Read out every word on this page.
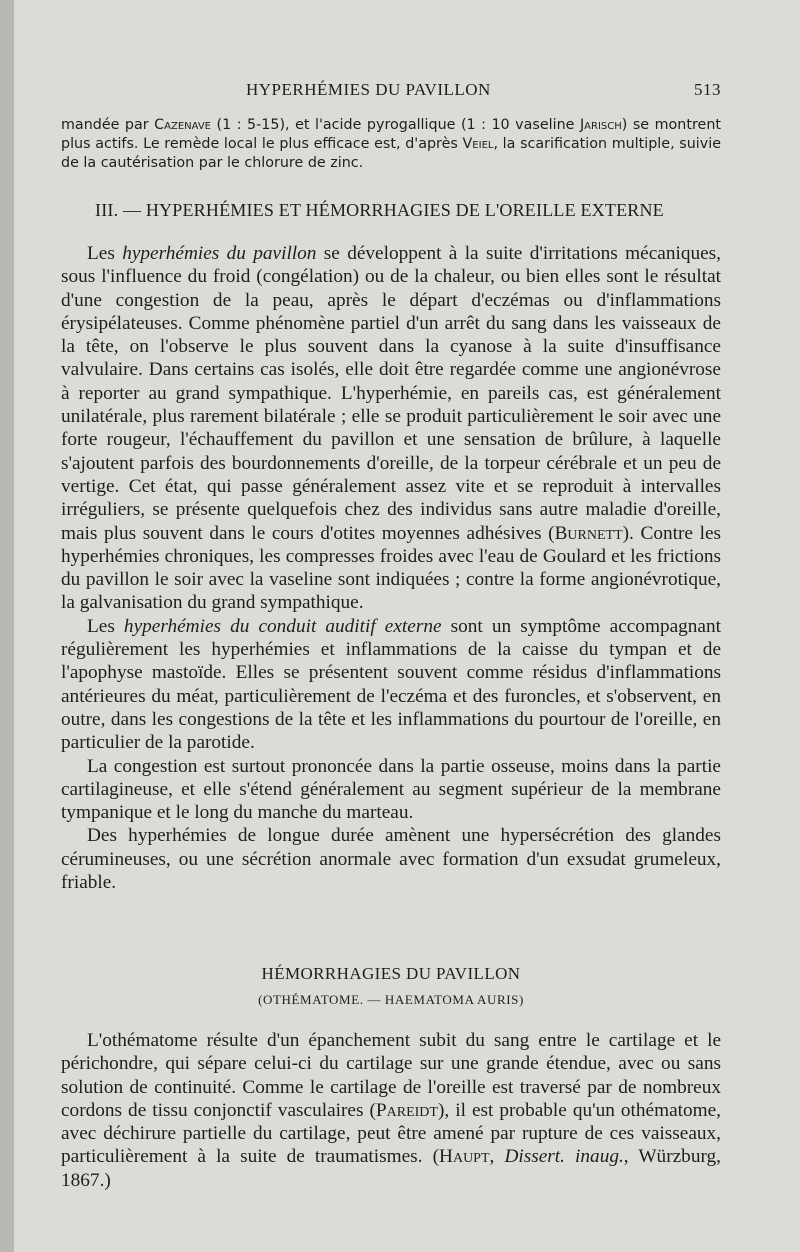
HYPERHÉMIES DU PAVILLON	513
mandée par Cazenave (1 : 5-15), et l'acide pyrogallique (1 : 10 vaseline Jarisch) se montrent plus actifs. Le remède local le plus efficace est, d'après Veiel, la scarification multiple, suivie de la cautérisation par le chlorure de zinc.
III. — HYPERHÉMIES ET HÉMORRHAGIES DE L'OREILLE EXTERNE

Les hyperhémies du pavillon se développent à la suite d'irritations mécaniques, sous l'influence du froid (congélation) ou de la chaleur, ou bien elles sont le résultat d'une congestion de la peau, après le départ d'eczémas ou d'inflammations érysipélateuses. Comme phénomène partiel d'un arrêt du sang dans les vaisseaux de la tête, on l'observe le plus souvent dans la cyanose à la suite d'insuffisance valvulaire. Dans certains cas isolés, elle doit être regardée comme une angionévrose à reporter au grand sympathique. L'hyperhémie, en pareils cas, est généralement unilatérale, plus rarement bilatérale ; elle se produit particulièrement le soir avec une forte rougeur, l'échauffement du pavillon et une sensation de brûlure, à laquelle s'ajoutent parfois des bourdonnements d'oreille, de la torpeur cérébrale et un peu de vertige. Cet état, qui passe généralement assez vite et se reproduit à intervalles irréguliers, se présente quelquefois chez des individus sans autre maladie d'oreille, mais plus souvent dans le cours d'otites moyennes adhésives (Burnett). Contre les hyperhémies chroniques, les compresses froides avec l'eau de Goulard et les frictions du pavillon le soir avec la vaseline sont indiquées ; contre la forme angionévrotique, la galvanisation du grand sympathique.

Les hyperhémies du conduit auditif externe sont un symptôme accompagnant régulièrement les hyperhémies et inflammations de la caisse du tympan et de l'apophyse mastoïde. Elles se présentent souvent comme résidus d'inflammations antérieures du méat, particulièrement de l'eczéma et des furoncles, et s'observent, en outre, dans les congestions de la tête et les inflammations du pourtour de l'oreille, en particulier de la parotide.

La congestion est surtout prononcée dans la partie osseuse, moins dans la partie cartilagineuse, et elle s'étend généralement au segment supérieur de la membrane tympanique et le long du manche du marteau.

Des hyperhémies de longue durée amènent une hypersécrétion des glandes cérumineuses, ou une sécrétion anormale avec formation d'un exsudat grumeleux, friable.

HÉMORRHAGIES DU PAVILLON
(OTHÉMATOME. — HAEMATOMA AURIS)

L'othématome résulte d'un épanchement subit du sang entre le cartilage et le périchondre, qui sépare celui-ci du cartilage sur une grande étendue, avec ou sans solution de continuité. Comme le cartilage de l'oreille est traversé par de nombreux cordons de tissu conjonctif vasculaires (Pareidt), il est probable qu'un othématome, avec déchirure partielle du cartilage, peut être amené par rupture de ces vaisseaux, particulièrement à la suite de traumatismes. (Haupt, Dissert. inaug., Würzburg, 1867.)
